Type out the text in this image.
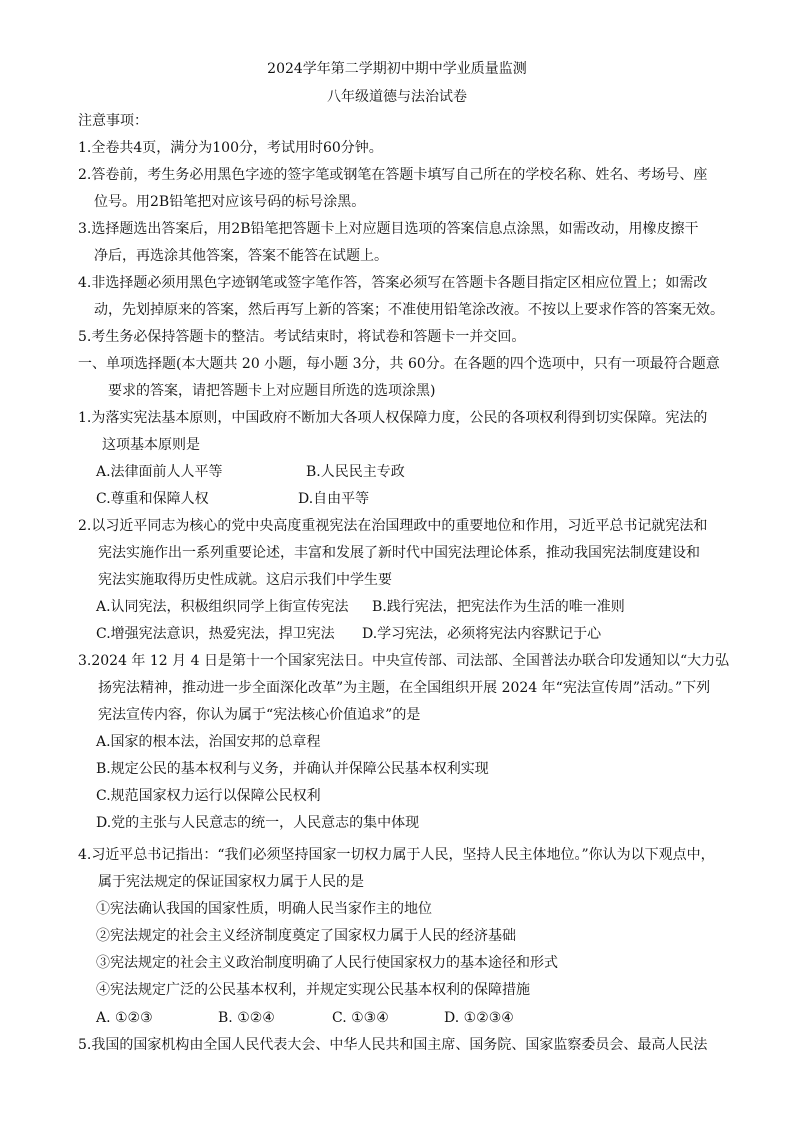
2024学年第二学期初中期中学业质量监测
八年级道德与法治试卷
注意事项：
1.全卷共4页，满分为100分，考试用时60分钟。
2.答卷前，考生务必用黑色字迹的签字笔或钢笔在答题卡填写自己所在的学校名称、姓名、考场号、座
位号。用2B铅笔把对应该号码的标号涂黑。
3.选择题选出答案后，用2B铅笔把答题卡上对应题目选项的答案信息点涂黑，如需改动，用橡皮擦干
净后，再选涂其他答案，答案不能答在试题上。
4.非选择题必须用黑色字迹钢笔或签字笔作答，答案必须写在答题卡各题目指定区相应位置上；如需改
动，先划掉原来的答案，然后再写上新的答案；不准使用铅笔涂改液。不按以上要求作答的答案无效。
5.考生务必保持答题卡的整洁。考试结束时，将试卷和答题卡一并交回。
一、单项选择题(本大题共 20 小题，每小题 3分，共 60分。在各题的四个选项中，只有一项最符合题意
要求的答案，请把答题卡上对应题目所选的选项涂黑)
1.为落实宪法基本原则，中国政府不断加大各项人权保障力度，公民的各项权利得到切实保障。宪法的
这项基本原则是
A.法律面前人人平等	B.人民民主专政
C.尊重和保障人权	D.自由平等
2.以习近平同志为核心的党中央高度重视宪法在治国理政中的重要地位和作用，习近平总书记就宪法和
宪法实施作出一系列重要论述，丰富和发展了新时代中国宪法理论体系，推动我国宪法制度建设和
宪法实施取得历史性成就。这启示我们中学生要
A.认同宪法，积极组织同学上街宣传宪法 B.践行宪法，把宪法作为生活的唯一准则
C.增强宪法意识，热爱宪法，捍卫宪法 D.学习宪法，必须将宪法内容默记于心
3.2024 年 12 月 4 日是第十一个国家宪法日。中央宣传部、司法部、全国普法办联合印发通知以“大力弘
扬宪法精神，推动进一步全面深化改革”为主题，在全国组织开展 2024 年“宪法宣传周”活动。”下列
宪法宣传内容，你认为属于“宪法核心价值追求”的是
A.国家的根本法，治国安邦的总章程
B.规定公民的基本权利与义务，并确认并保障公民基本权利实现
C.规范国家权力运行以保障公民权利
D.党的主张与人民意志的统一，人民意志的集中体现
4.习近平总书记指出：“我们必须坚持国家一切权力属于人民，坚持人民主体地位。”你认为以下观点中，
属于宪法规定的保证国家权力属于人民的是
①宪法确认我国的国家性质，明确人民当家作主的地位
②宪法规定的社会主义经济制度奠定了国家权力属于人民的经济基础
③宪法规定的社会主义政治制度明确了人民行使国家权力的基本途径和形式
④宪法规定广泛的公民基本权利，并规定实现公民基本权利的保障措施
A. ①②③	B. ①②④	C. ①③④	D. ①②③④
5.我国的国家机构由全国人民代表大会、中华人民共和国主席、国务院、国家监察委员会、最高人民法
